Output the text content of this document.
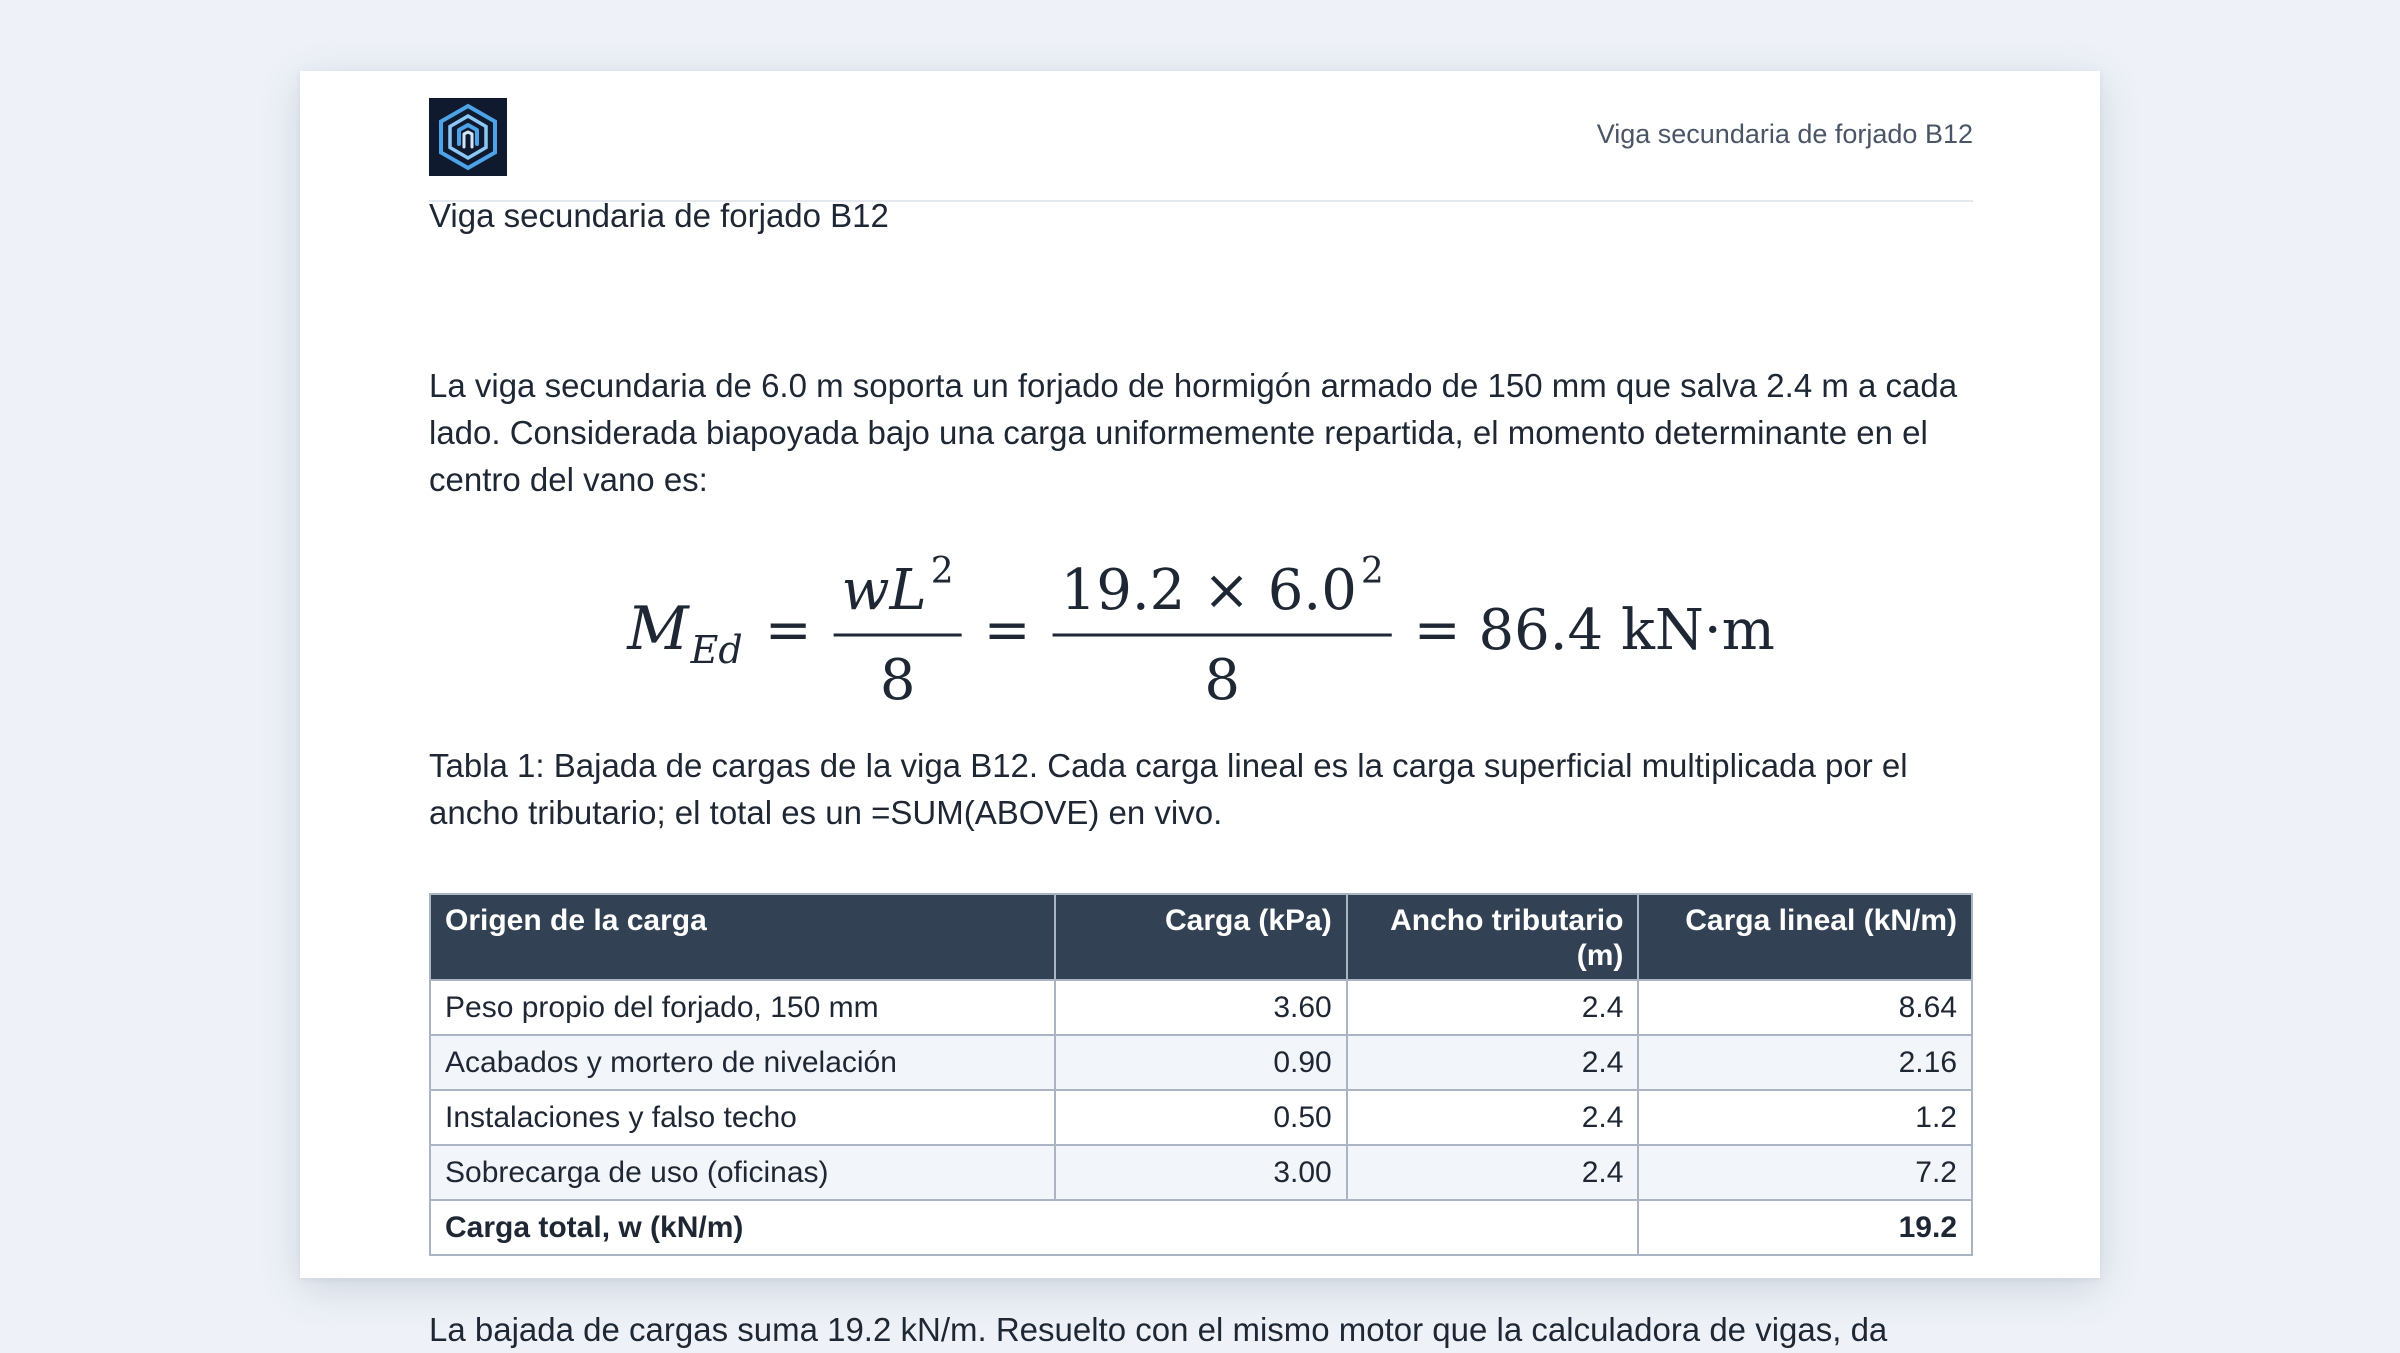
Viga secundaria de forjado B12
Viga secundaria de forjado B12
La viga secundaria de 6.0 m soporta un forjado de hormigón armado de 150 mm que salva 2.4 m a cada lado. Considerada biapoyada bajo una carga uniformemente repartida, el momento determinante en el centro del vano es:
M Ed =
wL 2
8
=
19.2 × 6.0 2
8
= 86.4 kN·m
Tabla 1: Bajada de cargas de la viga B12. Cada carga lineal es la carga superficial multiplicada por el ancho tributario; el total es un =SUM(ABOVE) en vivo.
Origen de la carga	Carga (kPa)	Ancho tributario (m)	Carga lineal (kN/m)
Peso propio del forjado, 150 mm	3.60	2.4	8.64
Acabados y mortero de nivelación	0.90	2.4	2.16
Instalaciones y falso techo	0.50	2.4	1.2
Sobrecarga de uso (oficinas)	3.00	2.4	7.2
Carga total, w (kN/m)			19.2
La bajada de cargas suma 19.2 kN/m. Resuelto con el mismo motor que la calculadora de vigas, da
